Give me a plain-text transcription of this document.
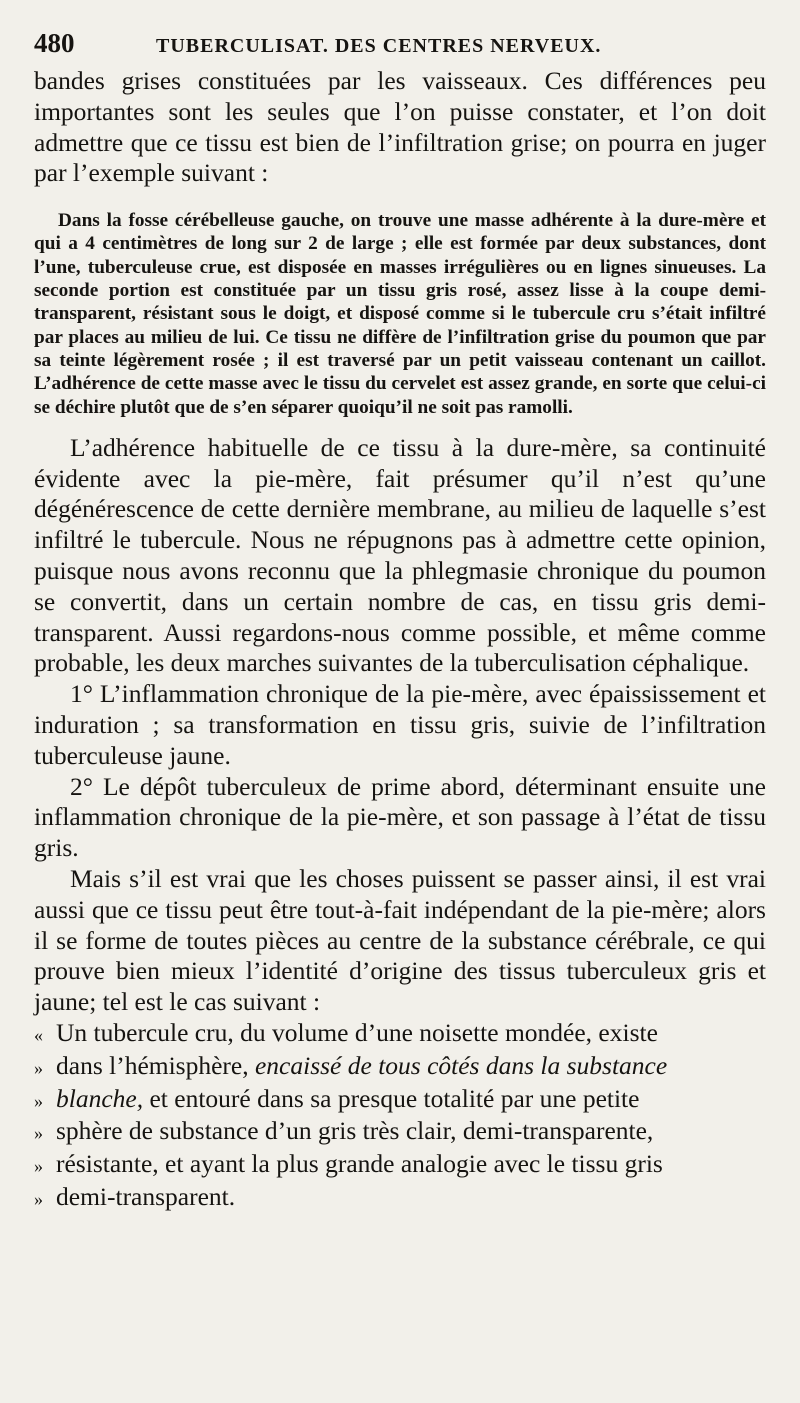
480	TUBERCULISAT. DES CENTRES NERVEUX.

bandes grises constituées par les vaisseaux. Ces différences peu importantes sont les seules que l’on puisse constater, et l’on doit admettre que ce tissu est bien de l’infiltration grise; on pourra en juger par l’exemple suivant :

Dans la fosse cérébelleuse gauche, on trouve une masse adhérente à la dure-mère et qui a 4 centimètres de long sur 2 de large ; elle est formée par deux substances, dont l’une, tuberculeuse crue, est disposée en masses irrégulières ou en lignes sinueuses. La seconde portion est constituée par un tissu gris rosé, assez lisse à la coupe demi-transparent, résistant sous le doigt, et disposé comme si le tubercule cru s’était infiltré par places au milieu de lui. Ce tissu ne diffère de l’infiltration grise du poumon que par sa teinte légèrement rosée ; il est traversé par un petit vaisseau contenant un caillot. L’adhérence de cette masse avec le tissu du cervelet est assez grande, en sorte que celui-ci se déchire plutôt que de s’en séparer quoiqu’il ne soit pas ramolli.

L’adhérence habituelle de ce tissu à la dure-mère, sa continuité évidente avec la pie-mère, fait présumer qu’il n’est qu’une dégénérescence de cette dernière membrane, au milieu de laquelle s’est infiltré le tubercule. Nous ne répugnons pas à admettre cette opinion, puisque nous avons reconnu que la phlegmasie chronique du poumon se convertit, dans un certain nombre de cas, en tissu gris demi-transparent. Aussi regardons-nous comme possible, et même comme probable, les deux marches suivantes de la tuberculisation céphalique.

1° L’inflammation chronique de la pie-mère, avec épaississement et induration ; sa transformation en tissu gris, suivie de l’infiltration tuberculeuse jaune.

2° Le dépôt tuberculeux de prime abord, déterminant ensuite une inflammation chronique de la pie-mère, et son passage à l’état de tissu gris.

Mais s’il est vrai que les choses puissent se passer ainsi, il est vrai aussi que ce tissu peut être tout-à-fait indépendant de la pie-mère; alors il se forme de toutes pièces au centre de la substance cérébrale, ce qui prouve bien mieux l’identité d’origine des tissus tuberculeux gris et jaune; tel est le cas suivant :

« Un tubercule cru, du volume d’une noisette mondée, existe
» dans l’hémisphère, encaissé de tous côtés dans la substance
» blanche, et entouré dans sa presque totalité par une petite
» sphère de substance d’un gris très clair, demi-transparente,
» résistante, et ayant la plus grande analogie avec le tissu gris
» demi-transparent.
